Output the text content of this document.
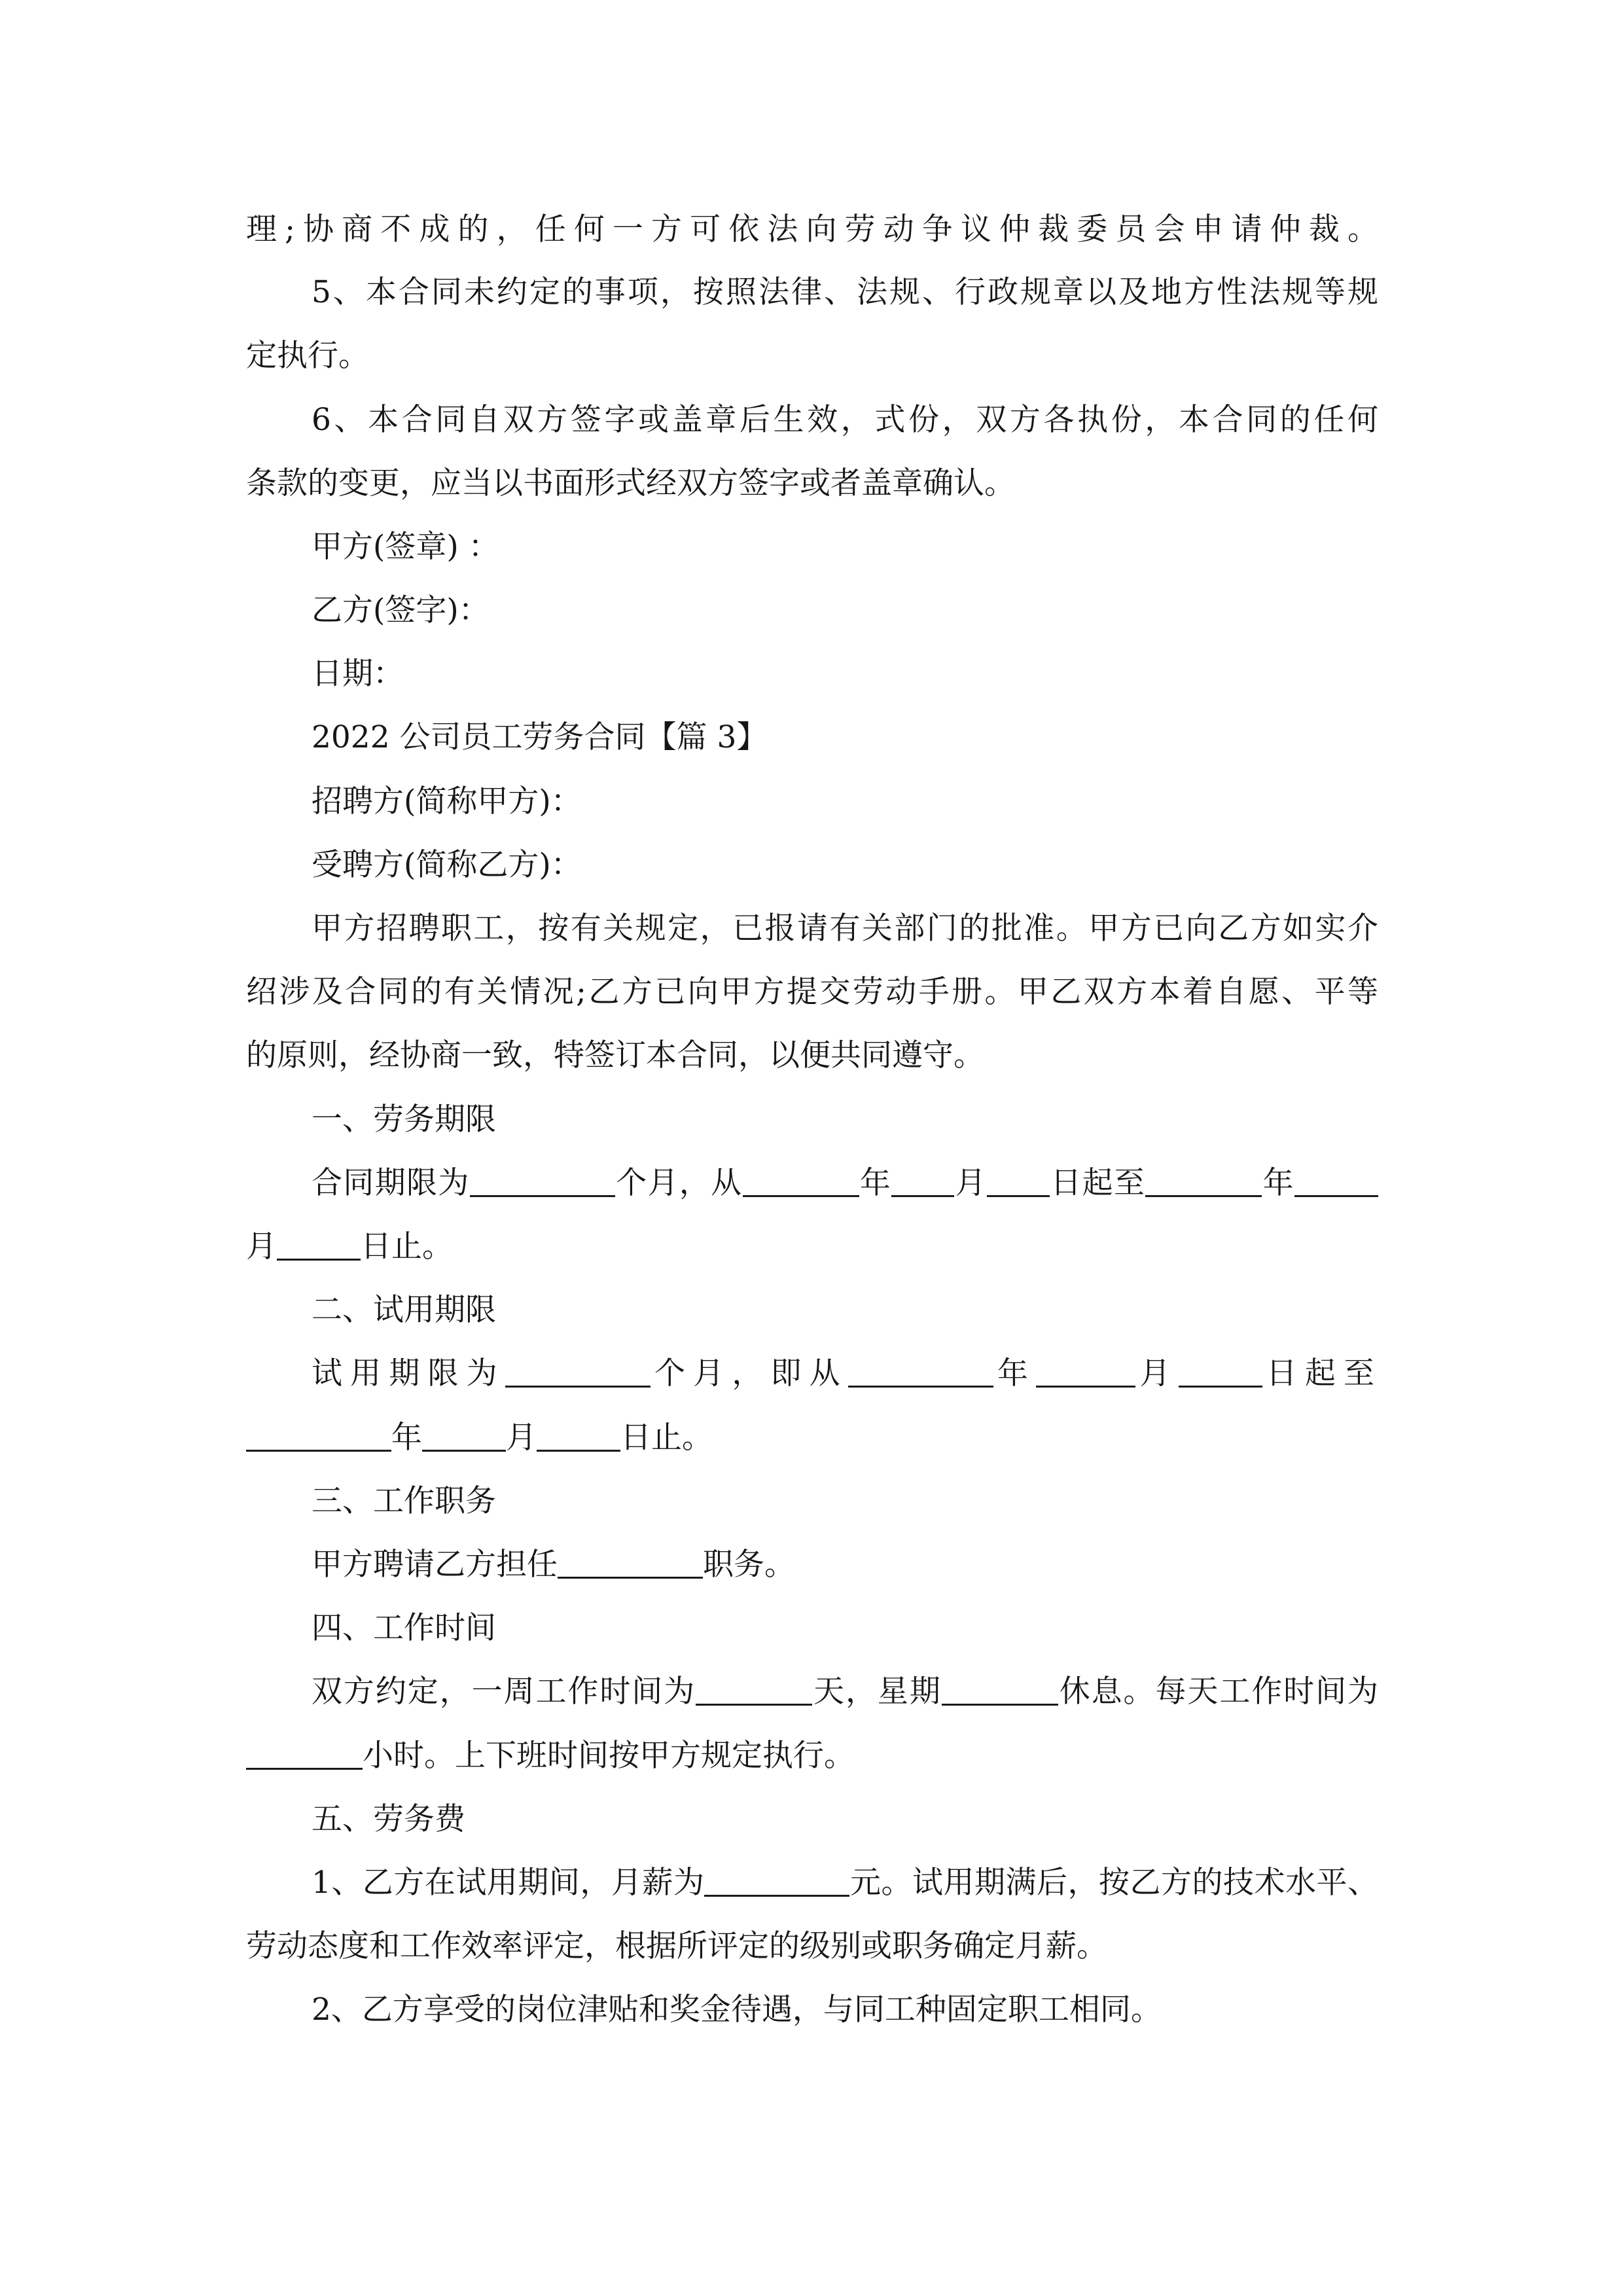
理;协商不成的，任何一方可依法向劳动争议仲裁委员会申请仲裁。
5、本合同未约定的事项，按照法律、法规、行政规章以及地方性法规等规
定执行。
6、本合同自双方签字或盖章后生效，式份，双方各执份，本合同的任何
条款的变更，应当以书面形式经双方签字或者盖章确认。
甲方(签章) ：
乙方(签字)：
日期：
2022 公司员工劳务合同【篇 3】
招聘方(简称甲方)：
受聘方(简称乙方)：
甲方招聘职工，按有关规定，已报请有关部门的批准。甲方已向乙方如实介
绍涉及合同的有关情况;乙方已向甲方提交劳动手册。甲乙双方本着自愿、平等
的原则，经协商一致，特签订本合同，以便共同遵守。
一、劳务期限
合同期限为	个月，从	年 月 日起至	年
月	日止。
二、试用期限
试用期限为	个月，即从	年	月	日起至
年	月	日止。
三、工作职务
甲方聘请乙方担任	职务。
四、工作时间
双方约定，一周工作时间为	天，星期	休息。每天工作时间为
小时。上下班时间按甲方规定执行。
五、劳务费
1、乙方在试用期间，月薪为	元。试用期满后，按乙方的技术水平、
劳动态度和工作效率评定，根据所评定的级别或职务确定月薪。
2、乙方享受的岗位津贴和奖金待遇，与同工种固定职工相同。
